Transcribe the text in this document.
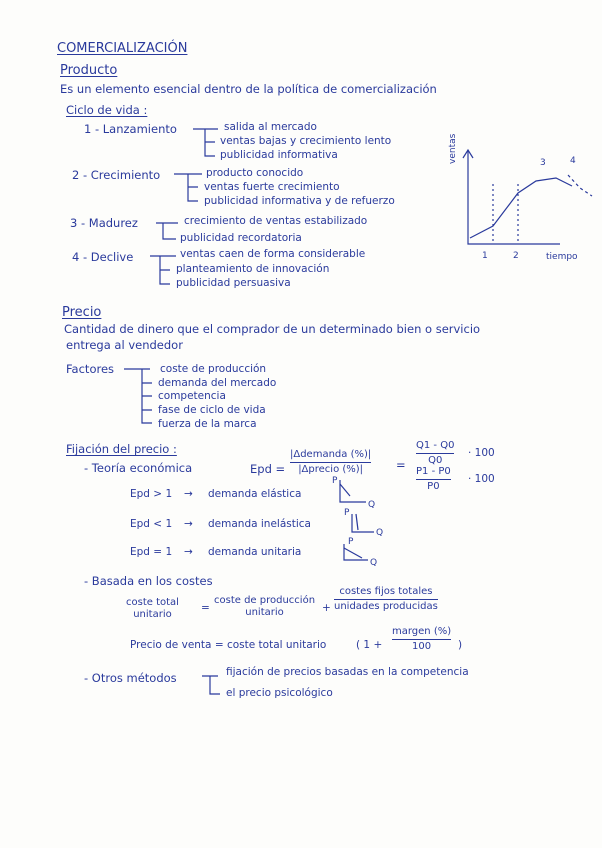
COMERCIALIZACIÓN
Producto
Es un elemento esencial dentro de la política de comercialización
Ciclo de vida :
1 - Lanzamiento	salida al mercado
ventas bajas y crecimiento lento
publicidad informativa
2 - Crecimiento	producto conocido
ventas fuerte crecimiento
publicidad informativa y de refuerzo
3 - Madurez	crecimiento de ventas estabilizado
publicidad recordatoria
4 - Declive	ventas caen de forma considerable
planteamiento de innovación
publicidad persuasiva
ventas
tiempo
1	2
3	4
Precio
Cantidad de dinero que el comprador de un determinado bien o servicio
entrega al vendedor
Factores	coste de producción
demanda del mercado
competencia
fase de ciclo de vida
fuerza de la marca
Fijación del precio :
- Teoría económica	Epd =
|Δdemanda (%)|
|Δprecio (%)|	=
Q1 - Q0
Q0
· 100
P1 - P0
P0
· 100
Epd > 1 → demanda elástica
P
Q
Epd < 1 → demanda inelástica
P
Q
Epd = 1 → demanda unitaria
P
Q
- Basada en los costes
coste total
unitario
=
coste de producción
unitario	+
costes fijos totales
unidades producidas
Precio de venta = coste total unitario	( 1 +
margen (%)
100	)
- Otros métodos	fijación de precios basadas en la competencia
el precio psicológico
